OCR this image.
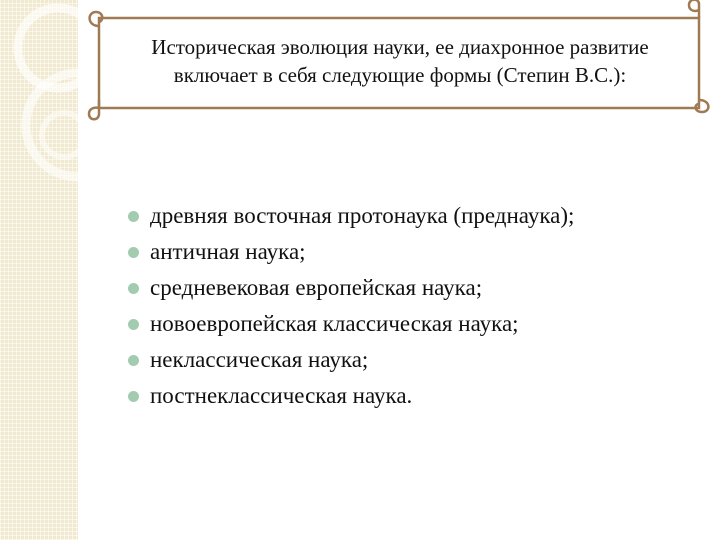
Историческая эволюция науки, ее диахронное развитие
включает в себя следующие формы (Степин В.С.):
древняя восточная протонаука (преднаука);
античная наука;
средневековая европейская наука;
новоевропейская классическая наука;
неклассическая наука;
постнеклассическая наука.
